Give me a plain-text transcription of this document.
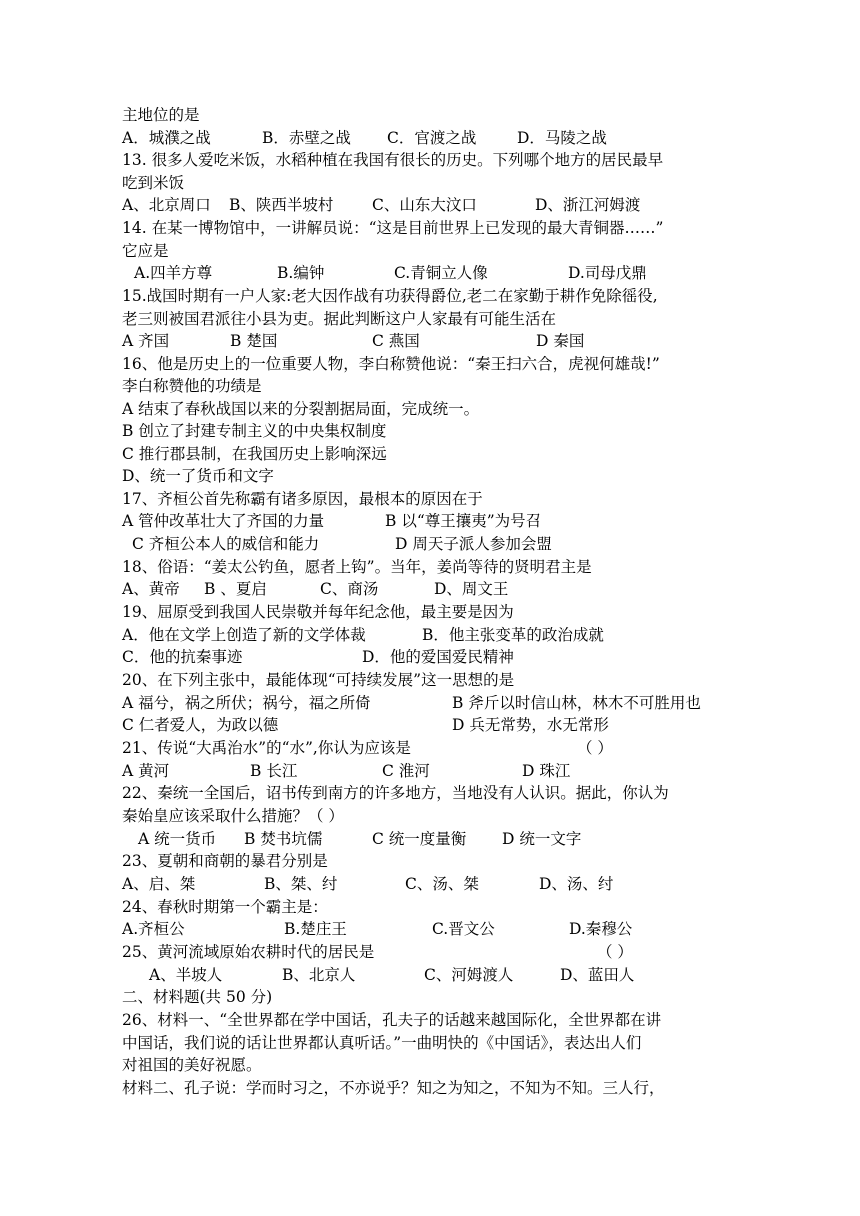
主地位的是
A．城濮之战	B．赤壁之战 C．官渡之战	D．马陵之战
13. 很多人爱吃米饭，水稻种植在我国有很长的历史。下列哪个地方的居民最早
吃到米饭
A、北京周口 B、陕西半坡村 C、山东大汶口	D、浙江河姆渡
14. 在某一博物馆中，一讲解员说：“这是目前世界上已发现的最大青铜器……”
它应是
A.四羊方尊	B.编钟	C.青铜立人像	D.司母戊鼎
15.战国时期有一户人家:老大因作战有功获得爵位,老二在家勤于耕作免除徭役,
老三则被国君派往小县为吏。据此判断这户人家最有可能生活在
A 齐国	B 楚国	C 燕国	D 秦国
16、他是历史上的一位重要人物，李白称赞他说：“秦王扫六合，虎视何雄哉!”
李白称赞他的功绩是
A 结束了春秋战国以来的分裂割据局面，完成统一。
B 创立了封建专制主义的中央集权制度
C 推行郡县制，在我国历史上影响深远
D、统一了货币和文字
17、齐桓公首先称霸有诸多原因，最根本的原因在于
A 管仲改革壮大了齐国的力量	B 以“尊王攘夷”为号召
C 齐桓公本人的威信和能力	D 周天子派人参加会盟
18、俗语：“姜太公钓鱼，愿者上钩”。当年，姜尚等待的贤明君主是
A、黄帝 B 、夏启	C、商汤	D、周文王
19、屈原受到我国人民崇敬并每年纪念他，最主要是因为
A．他在文学上创造了新的文学体裁	B．他主张变革的政治成就
C．他的抗秦事迹	D．他的爱国爱民精神
20、在下列主张中，最能体现“可持续发展”这一思想的是
A 福兮，祸之所伏；祸兮，福之所倚	B 斧斤以时信山林，林木不可胜用也
C 仁者爱人，为政以德	D 兵无常势，水无常形
21、传说“大禹治水”的“水”,你认为应该是	（ ）
A 黄河	B 长江	C 淮河	D 珠江
22、秦统一全国后，诏书传到南方的许多地方，当地没有人认识。据此，你认为
秦始皇应该采取什么措施？（ ）
A 统一货币 B 焚书坑儒	C 统一度量衡 D 统一文字
23、夏朝和商朝的暴君分别是
A、启、桀	B、桀、纣	C、汤、桀	D、汤、纣
24、春秋时期第一个霸主是：
A.齐桓公	B.楚庄王	C.晋文公	D.秦穆公
25、黄河流域原始农耕时代的居民是	（ ）
A、半坡人	B、北京人	C、河姆渡人	D、蓝田人
二、材料题(共 50 分)
26、材料一、“全世界都在学中国话，孔夫子的话越来越国际化，全世界都在讲
中国话，我们说的话让世界都认真听话。”一曲明快的《中国话》，表达出人们
对祖国的美好祝愿。
材料二、孔子说：学而时习之，不亦说乎？知之为知之，不知为不知。三人行，
